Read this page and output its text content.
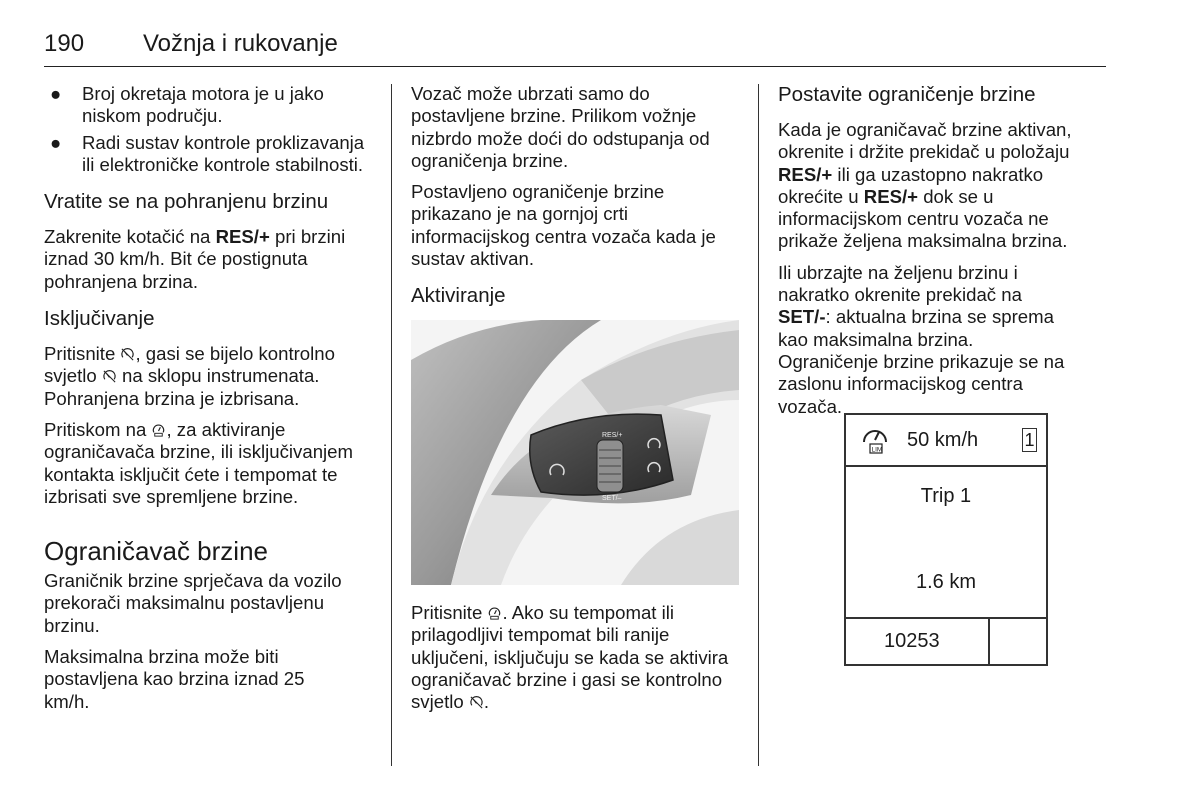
190 Vožnja i rukovanje
● Broj okretaja motora je u jako niskom području.
● Radi sustav kontrole proklizavanja ili elektroničke kontrole stabilnosti.
Vratite se na pohranjenu brzinu

Zakrenite kotačić na RES/+ pri brzini iznad 30 km/h. Bit će postignuta pohranjena brzina.

Isključivanje

Pritisnite , gasi se bijelo kontrolno svjetlo  na sklopu instrumenata. Pohranjena brzina je izbrisana.

Pritiskom na , za aktiviranje ograničavača brzine, ili isključivanjem kontakta isključit ćete i tempomat te izbrisati sve spremljene brzine.

Ograničavač brzine

Graničnik brzine sprječava da vozilo prekorači maksimalnu postavljenu brzinu.

Maksimalna brzina može biti postavljena kao brzina iznad 25 km/h.

Vozač može ubrzati samo do postavljene brzine. Prilikom vožnje nizbrdo može doći do odstupanja od ograničenja brzine.

Postavljeno ograničenje brzine prikazano je na gornjoj crti informacijskog centra vozača kada je sustav aktivan.

Aktiviranje
RES/+
SET/–

Pritisnite . Ako su tempomat ili prilagodljivi tempomat bili ranije uključeni, isključuju se kada se aktivira ograničavač brzine i gasi se kontrolno svjetlo .

Postavite ograničenje brzine

Kada je ograničavač brzine aktivan, okrenite i držite prekidač u položaju RES/+ ili ga uzastopno nakratko okrećite u RES/+ dok se u informacijskom centru vozača ne prikaže željena maksimalna brzina.

Ili ubrzajte na željenu brzinu i nakratko okrenite prekidač na SET/-: aktualna brzina se sprema kao maksimalna brzina. Ograničenje brzine prikazuje se na zaslonu informacijskog centra vozača.

LIM 50 km/h	1
Trip 1
1.6 km
10253
